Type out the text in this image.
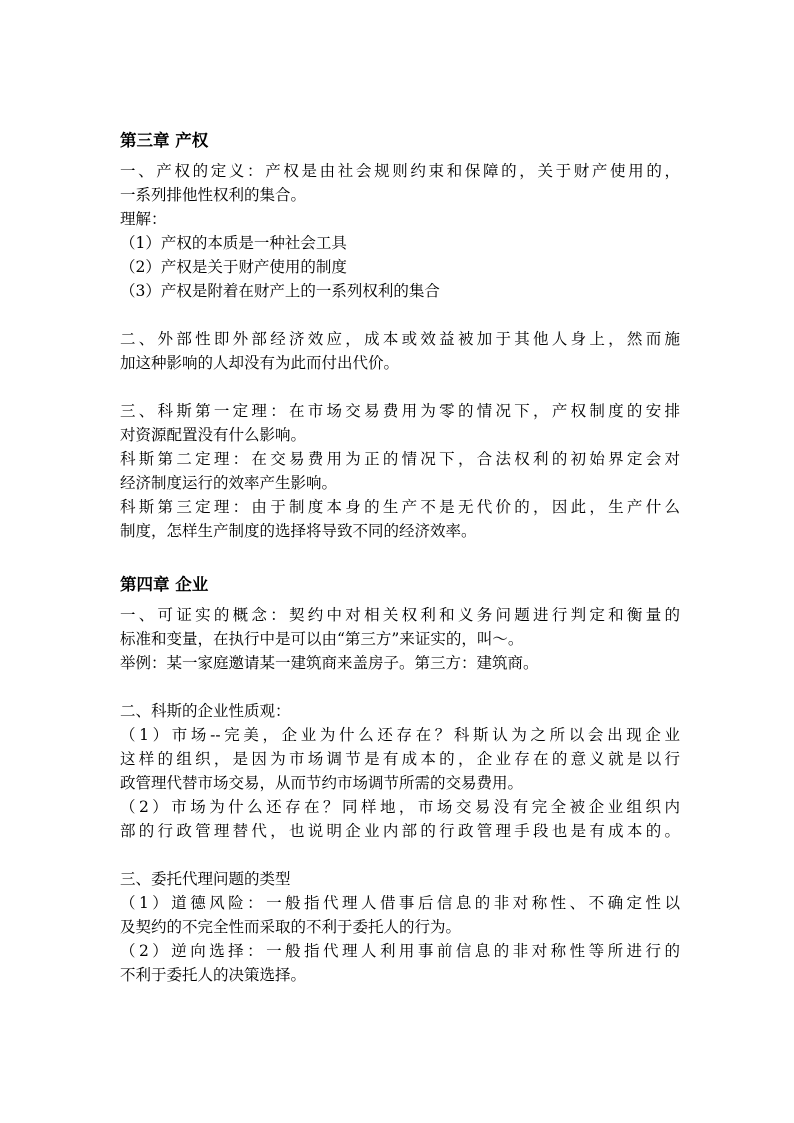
第三章 产权
一、产权的定义：产权是由社会规则约束和保障的，关于财产使用的，
一系列排他性权利的集合。
理解：
（1）产权的本质是一种社会工具
（2）产权是关于财产使用的制度
（3）产权是附着在财产上的一系列权利的集合
二、外部性即外部经济效应，成本或效益被加于其他人身上，然而施
加这种影响的人却没有为此而付出代价。
三、科斯第一定理：在市场交易费用为零的情况下，产权制度的安排
对资源配置没有什么影响。
科斯第二定理：在交易费用为正的情况下，合法权利的初始界定会对
经济制度运行的效率产生影响。
科斯第三定理：由于制度本身的生产不是无代价的，因此，生产什么
制度，怎样生产制度的选择将导致不同的经济效率。
第四章 企业
一、可证实的概念：契约中对相关权利和义务问题进行判定和衡量的
标准和变量，在执行中是可以由“第三方”来证实的，叫～。
举例：某一家庭邀请某一建筑商来盖房子。第三方：建筑商。
二、科斯的企业性质观：
（1）市场--完美，企业为什么还存在？科斯认为之所以会出现企业
这样的组织，是因为市场调节是有成本的，企业存在的意义就是以行
政管理代替市场交易，从而节约市场调节所需的交易费用。
（2）市场为什么还存在？同样地，市场交易没有完全被企业组织内
部的行政管理替代，也说明企业内部的行政管理手段也是有成本的。
三、委托代理问题的类型
（1）道德风险：一般指代理人借事后信息的非对称性、不确定性以
及契约的不完全性而采取的不利于委托人的行为。
（2）逆向选择：一般指代理人利用事前信息的非对称性等所进行的
不利于委托人的决策选择。
